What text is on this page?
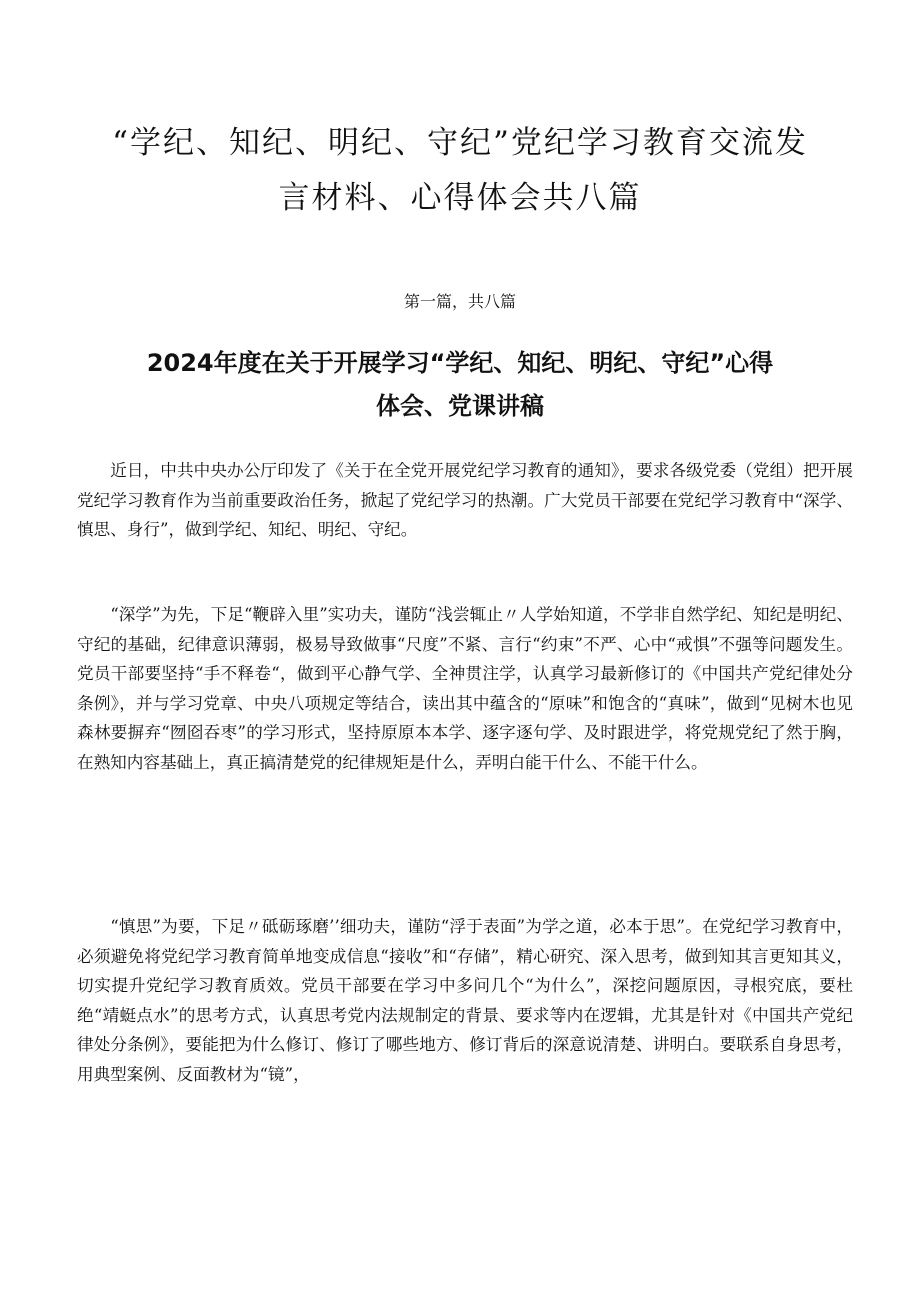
“学纪、知纪、明纪、守纪”党纪学习教育交流发
言材料、心得体会共八篇
第一篇，共八篇
2024年度在关于开展学习“学纪、知纪、明纪、守纪”心得
体会、党课讲稿

近日，中共中央办公厅印发了《关于在全党开展党纪学习教育的通知》，要求各级党委（党组）把开展党纪学习教育作为当前重要政治任务，掀起了党纪学习的热潮。广大党员干部要在党纪学习教育中“深学、慎思、身行”，做到学纪、知纪、明纪、守纪。

“深学”为先，下足“鞭辟入里”实功夫，谨防“浅尝辄止〃人学始知道，不学非自然学纪、知纪是明纪、守纪的基础，纪律意识薄弱，极易导致做事“尺度”不紧、言行“约束”不严、心中“戒惧”不强等问题发生。党员干部要坚持“手不释卷“，做到平心静气学、全神贯注学，认真学习最新修订的《中国共产党纪律处分条例》，并与学习党章、中央八项规定等结合，读出其中蕴含的“原味”和饱含的“真味”，做到“见树木也见森林要摒弃“囫囵吞枣”的学习形式，坚持原原本本学、逐字逐句学、及时跟进学，将党规党纪了然于胸，在熟知内容基础上，真正搞清楚党的纪律规矩是什么，弄明白能干什么、不能干什么。

“慎思”为要，下足〃砥砺琢磨’’细功夫，谨防“浮于表面”为学之道，必本于思”。在党纪学习教育中，必须避免将党纪学习教育简单地变成信息“接收”和“存储”，精心研究、深入思考，做到知其言更知其义，切实提升党纪学习教育质效。党员干部要在学习中多问几个“为什么”，深挖问题原因，寻根究底，要杜绝“靖蜓点水”的思考方式，认真思考党内法规制定的背景、要求等内在逻辑，尤其是针对《中国共产党纪律处分条例》，要能把为什么修订、修订了哪些地方、修订背后的深意说清楚、讲明白。要联系自身思考，用典型案例、反面教材为“镜”，
